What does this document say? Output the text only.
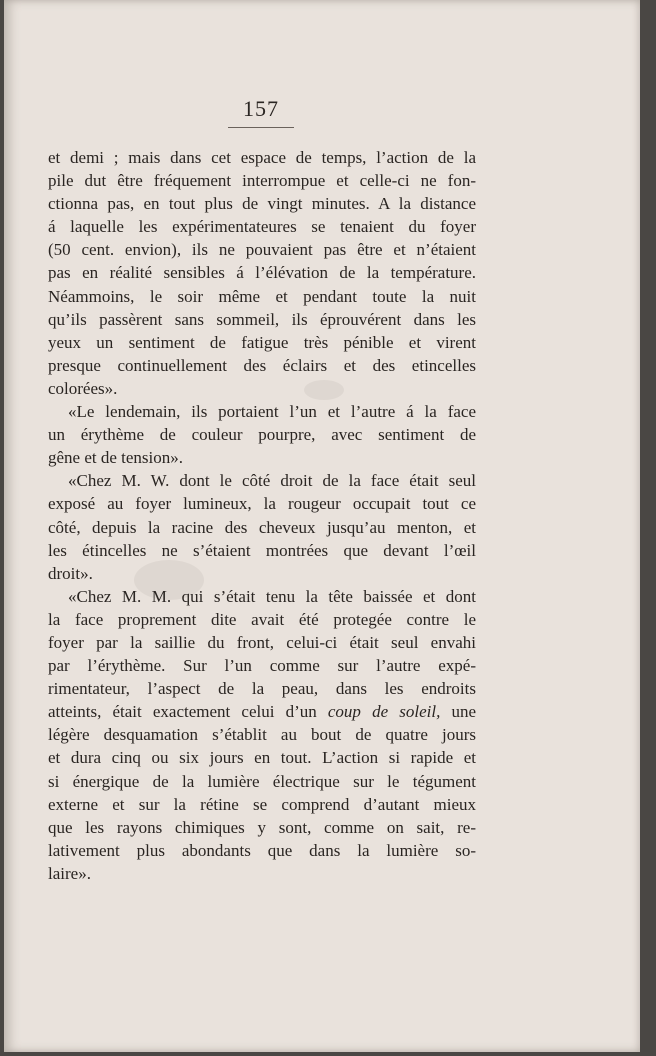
157
et demi ; mais dans cet espace de temps, l’action de la
pile dut être fréquement interrompue et celle-ci ne fon-
ctionna pas, en tout plus de vingt minutes. A la distance
á laquelle les expérimentateures se tenaient du foyer
(50 cent. envion), ils ne pouvaient pas être et n’étaient
pas en réalité sensibles á l’élévation de la température.
Néammoins, le soir même et pendant toute la nuit
qu’ils passèrent sans sommeil, ils éprouvérent dans les
yeux un sentiment de fatigue très pénible et virent
presque continuellement des éclairs et des etincelles
colorées».
«Le lendemain, ils portaient l’un et l’autre á la face
un érythème de couleur pourpre, avec sentiment de
gêne et de tension».
«Chez M. W. dont le côté droit de la face était seul
exposé au foyer lumineux, la rougeur occupait tout ce
côté, depuis la racine des cheveux jusqu’au menton, et
les étincelles ne s’étaient montrées que devant l’œil
droit».
«Chez M. M. qui s’était tenu la tête baissée et dont
la face proprement dite avait été protegée contre le
foyer par la saillie du front, celui-ci était seul envahi
par l’érythème. Sur l’un comme sur l’autre expé-
rimentateur, l’aspect de la peau, dans les endroits
atteints, était exactement celui d’un coup de soleil, une
légère desquamation s’établit au bout de quatre jours
et dura cinq ou six jours en tout. L’action si rapide et
si énergique de la lumière électrique sur le tégument
externe et sur la rétine se comprend d’autant mieux
que les rayons chimiques y sont, comme on sait, re-
lativement plus abondants que dans la lumière so-
laire».
